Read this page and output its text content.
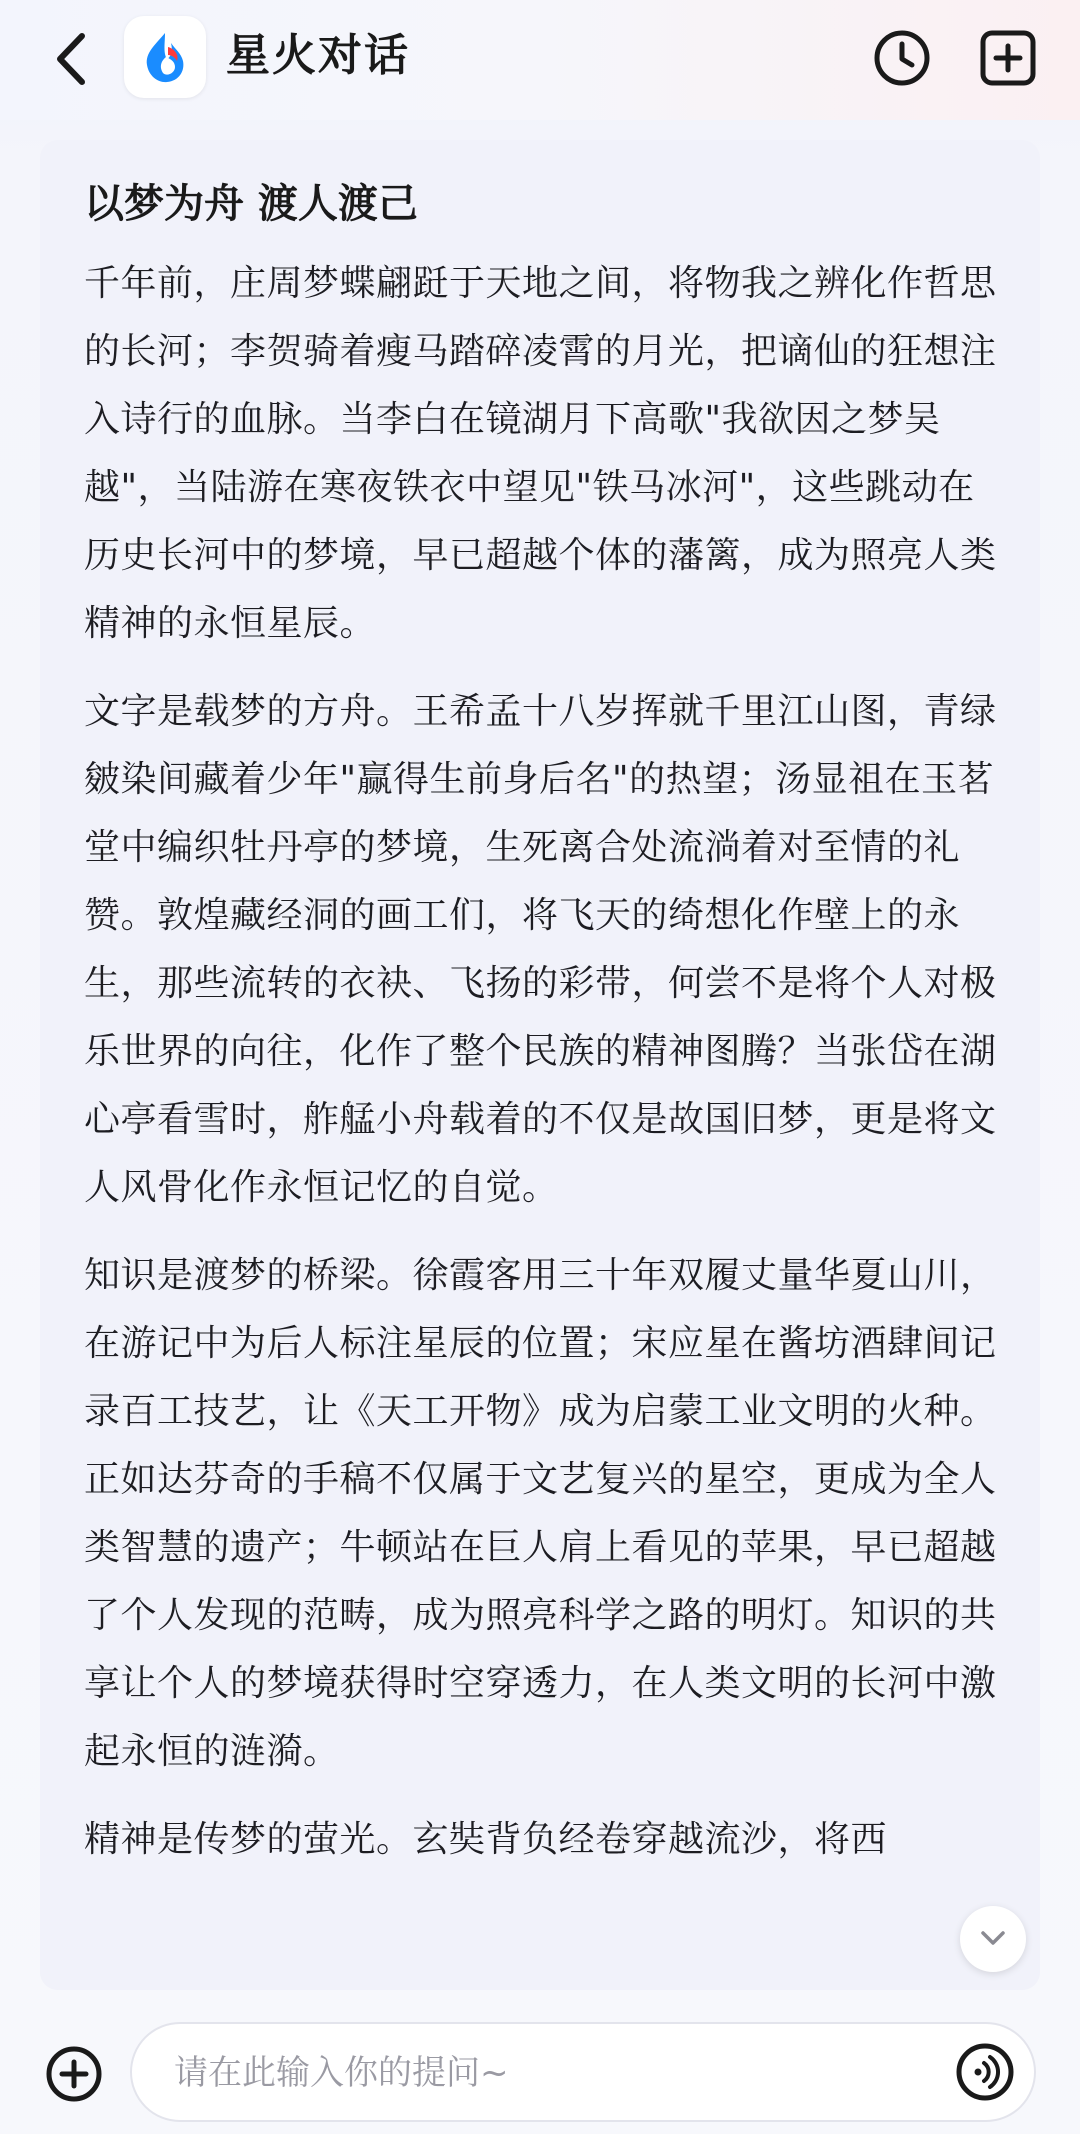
星火对话
以梦为舟 渡人渡己

千年前，庄周梦蝶翩跹于天地之间，将物我之辨化作哲思的长河；李贺骑着瘦马踏碎凌霄的月光，把谪仙的狂想注入诗行的血脉。当李白在镜湖月下高歌"我欲因之梦吴越"，当陆游在寒夜铁衣中望见"铁马冰河"，这些跳动在历史长河中的梦境，早已超越个体的藩篱，成为照亮人类精神的永恒星辰。

文字是载梦的方舟。王希孟十八岁挥就千里江山图，青绿皴染间藏着少年"赢得生前身后名"的热望；汤显祖在玉茗堂中编织牡丹亭的梦境，生死离合处流淌着对至情的礼赞。敦煌藏经洞的画工们，将飞天的绮想化作壁上的永生，那些流转的衣袂、飞扬的彩带，何尝不是将个人对极乐世界的向往，化作了整个民族的精神图腾？当张岱在湖心亭看雪时，舴艋小舟载着的不仅是故国旧梦，更是将文人风骨化作永恒记忆的自觉。

知识是渡梦的桥梁。徐霞客用三十年双履丈量华夏山川，在游记中为后人标注星辰的位置；宋应星在酱坊酒肆间记录百工技艺，让《天工开物》成为启蒙工业文明的火种。正如达芬奇的手稿不仅属于文艺复兴的星空，更成为全人类智慧的遗产；牛顿站在巨人肩上看见的苹果，早已超越了个人发现的范畴，成为照亮科学之路的明灯。知识的共享让个人的梦境获得时空穿透力，在人类文明的长河中激起永恒的涟漪。

精神是传梦的萤光。玄奘背负经卷穿越流沙，将西

请在此输入你的提问~
